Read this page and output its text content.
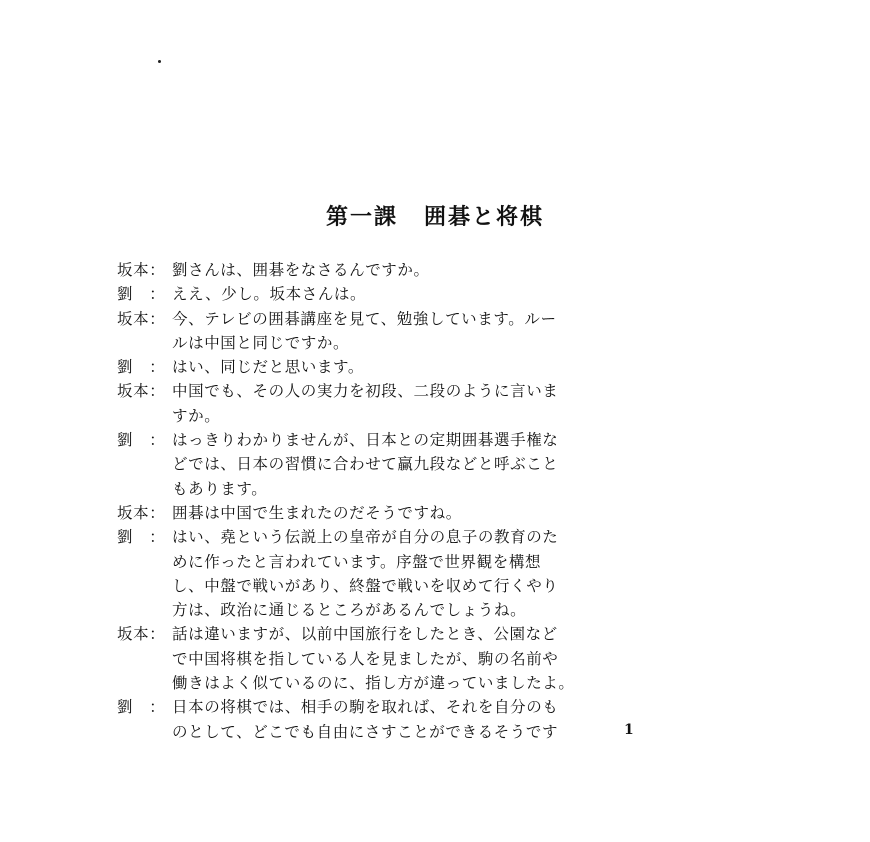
第一課 囲碁と将棋
坂本： 劉さんは、囲碁をなさるんですか。
劉　： ええ、少し。坂本さんは。
坂本： 今、テレビの囲碁講座を見て、勉強しています。ルー
ルは中国と同じですか。
劉　： はい、同じだと思います。
坂本： 中国でも、その人の実力を初段、二段のように言いま
すか。
劉　： はっきりわかりませんが、日本との定期囲碁選手権な
どでは、日本の習慣に合わせて贏九段などと呼ぶこと
もあります。
坂本： 囲碁は中国で生まれたのだそうですね。
劉　： はい、堯という伝説上の皇帝が自分の息子の教育のた
めに作ったと言われています。序盤で世界観を構想
し、中盤で戦いがあり、終盤で戦いを収めて行くやり
方は、政治に通じるところがあるんでしょうね。
坂本： 話は違いますが、以前中国旅行をしたとき、公園など
で中国将棋を指している人を見ましたが、駒の名前や
働きはよく似ているのに、指し方が違っていましたよ。
劉　： 日本の将棋では、相手の駒を取れば、それを自分のも
のとして、どこでも自由にさすことができるそうです	1
